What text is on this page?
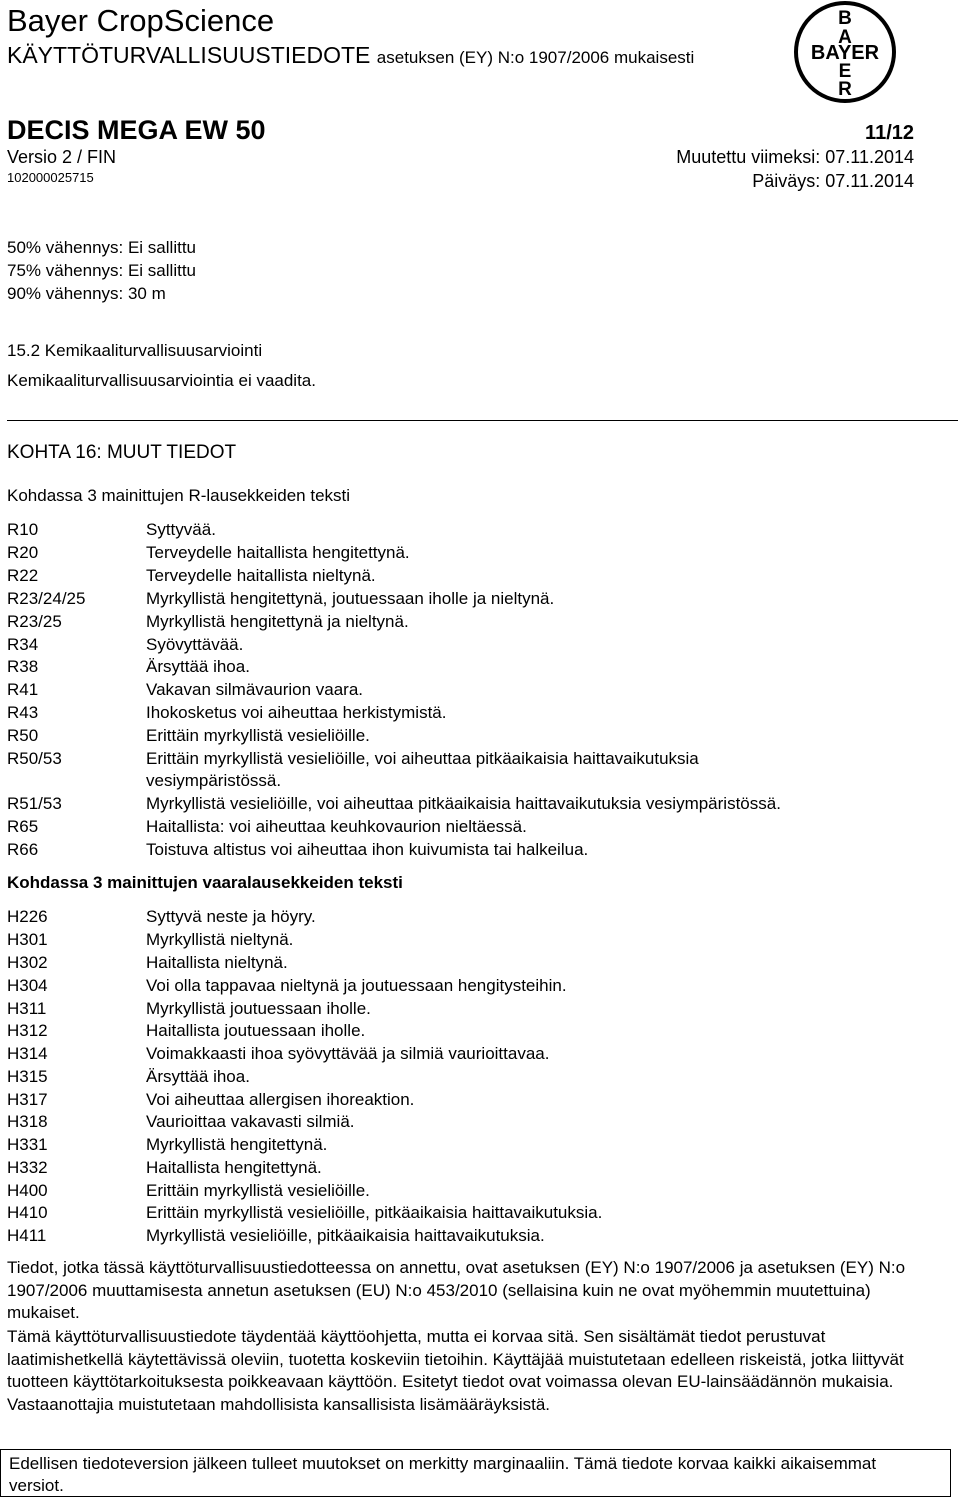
Bayer CropScience
KÄYTTÖTURVALLISUUSTIEDOTE asetuksen (EY) N:o 1907/2006 mukaisesti
B
A
BAYER
E
R
DECIS MEGA EW 50	11/12
Versio 2 / FIN	Muutettu viimeksi: 07.11.2014
102000025715	Päiväys: 07.11.2014
50% vähennys: Ei sallittu
75% vähennys: Ei sallittu
90% vähennys: 30 m
15.2 Kemikaaliturvallisuusarviointi
Kemikaaliturvallisuusarviointia ei vaadita.
KOHTA 16: MUUT TIEDOT
Kohdassa 3 mainittujen R-lausekkeiden teksti
R10	Syttyvää.
R20	Terveydelle haitallista hengitettynä.
R22	Terveydelle haitallista nieltynä.
R23/24/25	Myrkyllistä hengitettynä, joutuessaan iholle ja nieltynä.
R23/25	Myrkyllistä hengitettynä ja nieltynä.
R34	Syövyttävää.
R38	Ärsyttää ihoa.
R41	Vakavan silmävaurion vaara.
R43	Ihokosketus voi aiheuttaa herkistymistä.
R50	Erittäin myrkyllistä vesieliöille.
R50/53	Erittäin myrkyllistä vesieliöille, voi aiheuttaa pitkäaikaisia haittavaikutuksia
vesiympäristössä.
R51/53	Myrkyllistä vesieliöille, voi aiheuttaa pitkäaikaisia haittavaikutuksia vesiympäristössä.
R65	Haitallista: voi aiheuttaa keuhkovaurion nieltäessä.
R66	Toistuva altistus voi aiheuttaa ihon kuivumista tai halkeilua.
Kohdassa 3 mainittujen vaaralausekkeiden teksti
H226	Syttyvä neste ja höyry.
H301	Myrkyllistä nieltynä.
H302	Haitallista nieltynä.
H304	Voi olla tappavaa nieltynä ja joutuessaan hengitysteihin.
H311	Myrkyllistä joutuessaan iholle.
H312	Haitallista joutuessaan iholle.
H314	Voimakkaasti ihoa syövyttävää ja silmiä vaurioittavaa.
H315	Ärsyttää ihoa.
H317	Voi aiheuttaa allergisen ihoreaktion.
H318	Vaurioittaa vakavasti silmiä.
H331	Myrkyllistä hengitettynä.
H332	Haitallista hengitettynä.
H400	Erittäin myrkyllistä vesieliöille.
H410	Erittäin myrkyllistä vesieliöille, pitkäaikaisia haittavaikutuksia.
H411	Myrkyllistä vesieliöille, pitkäaikaisia haittavaikutuksia.
Tiedot, jotka tässä käyttöturvallisuustiedotteessa on annettu, ovat asetuksen (EY) N:o 1907/2006 ja asetuksen (EY) N:o 1907/2006 muuttamisesta annetun asetuksen (EU) N:o 453/2010 (sellaisina kuin ne ovat myöhemmin muutettuina) mukaiset.
Tämä käyttöturvallisuustiedote täydentää käyttöohjetta, mutta ei korvaa sitä. Sen sisältämät tiedot perustuvat laatimishetkellä käytettävissä oleviin, tuotetta koskeviin tietoihin. Käyttäjää muistutetaan edelleen riskeistä, jotka liittyvät tuotteen käyttötarkoituksesta poikkeavaan käyttöön. Esitetyt tiedot ovat voimassa olevan EU-lainsäädännön mukaisia. Vastaanottajia muistutetaan mahdollisista kansallisista lisämääräyksistä.
Edellisen tiedoteversion jälkeen tulleet muutokset on merkitty marginaaliin. Tämä tiedote korvaa kaikki aikaisemmat versiot.
